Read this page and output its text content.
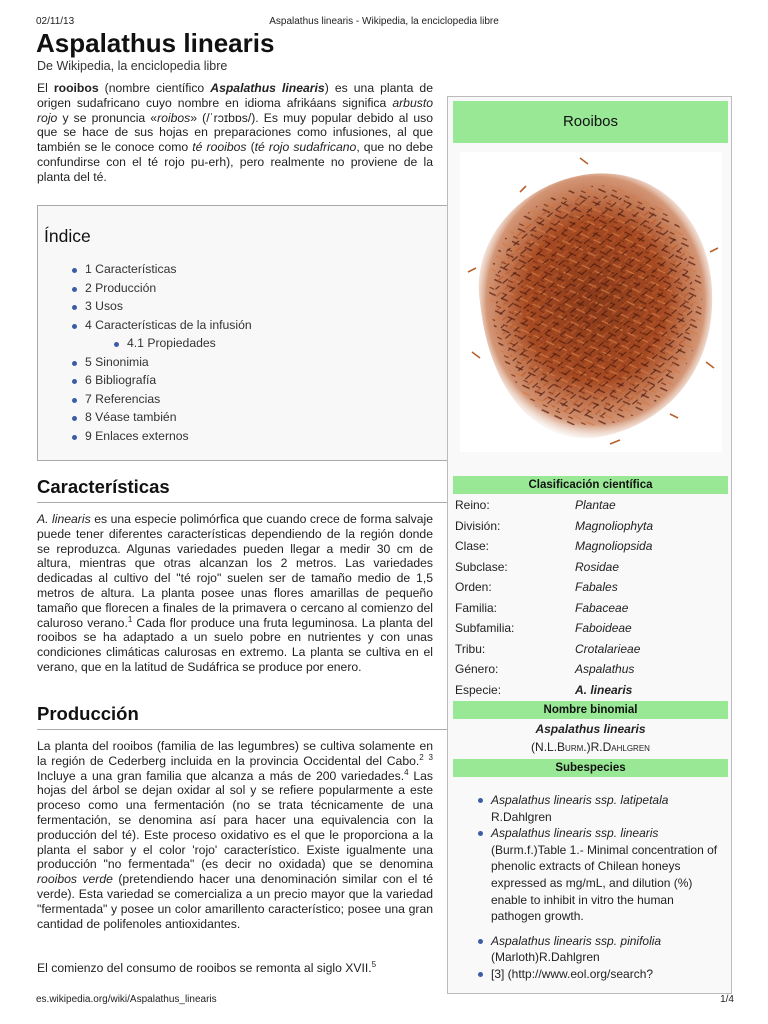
02/11/13	Aspalathus linearis - Wikipedia, la enciclopedia libre
Aspalathus linearis
De Wikipedia, la enciclopedia libre

El rooibos (nombre científico Aspalathus linearis) es una planta de origen sudafricano cuyo nombre en idioma afrikáans significa arbusto rojo y se pronuncia «roibos» (/ˈrɔɪbɒs/). Es muy popular debido al uso que se hace de sus hojas en preparaciones como infusiones, al que también se le conoce como té rooibos (té rojo sudafricano, que no debe confundirse con el té rojo pu-erh), pero realmente no proviene de la planta del té.

Índice
1 Características
2 Producción
3 Usos
4 Características de la infusión
4.1 Propiedades
5 Sinonimia
6 Bibliografía
7 Referencias
8 Véase también
9 Enlaces externos
Características

A. linearis es una especie polimórfica que cuando crece de forma salvaje puede tener diferentes características dependiendo de la región donde se reproduzca. Algunas variedades pueden llegar a medir 30 cm de altura, mientras que otras alcanzan los 2 metros. Las variedades dedicadas al cultivo del "té rojo" suelen ser de tamaño medio de 1,5 metros de altura. La planta posee unas flores amarillas de pequeño tamaño que florecen a finales de la primavera o cercano al comienzo del caluroso verano.$^1$ Cada flor produce una fruta leguminosa. La planta del rooibos se ha adaptado a un suelo pobre en nutrientes y con unas condiciones climáticas calurosas en extremo. La planta se cultiva en el verano, que en la latitud de Sudáfrica se produce por enero.

Producción

La planta del rooibos (familia de las legumbres) se cultiva solamente en la región de Cederberg incluida en la provincia Occidental del Cabo.$^2$ $^3$ Incluye a una gran familia que alcanza a más de 200 variedades.$^4$ Las hojas del árbol se dejan oxidar al sol y se refiere popularmente a este proceso como una fermentación (no se trata técnicamente de una fermentación, se denomina así para hacer una equivalencia con la producción del té). Este proceso oxidativo es el que le proporciona a la planta el sabor y el color 'rojo' característico. Existe igualmente una producción "no fermentada" (es decir no oxidada) que se denomina rooibos verde (pretendiendo hacer una denominación similar con el té verde). Esta variedad se comercializa a un precio mayor que la variedad "fermentada" y posee un color amarillento característico; posee una gran cantidad de polifenoles antioxidantes.

El comienzo del consumo de rooibos se remonta al siglo XVII.$^5$

Rooibos
Clasificación científica
Reino:	Plantae
División:	Magnoliophyta
Clase:	Magnoliopsida
Subclase:	Rosidae
Orden:	Fabales
Familia:	Fabaceae
Subfamilia:	Faboideae
Tribu:	Crotalarieae
Género:	Aspalathus
Especie:	A. linearis
Nombre binomial
Aspalathus linearis
(N.L.Burm.)R.Dahlgren
Subespecies
Aspalathus linearis ssp. latipetala R.Dahlgren
Aspalathus linearis ssp. linearis (Burm.f.)Table 1.- Minimal concentration of phenolic extracts of Chilean honeys expressed as mg/mL, and dilution (%) enable to inhibit in vitro the human pathogen growth.
Aspalathus linearis ssp. pinifolia (Marloth)R.Dahlgren
[3] (http://www.eol.org/search?
es.wikipedia.org/wiki/Aspalathus_linearis	1/4
